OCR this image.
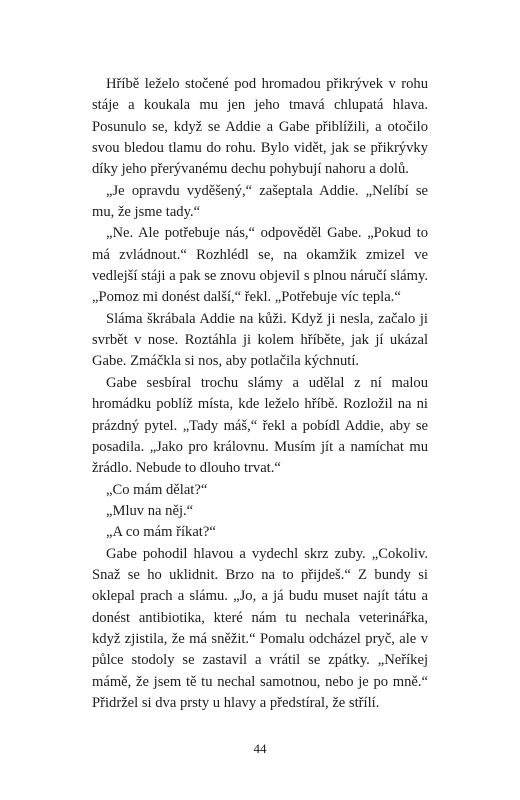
Hříbě leželo stočené pod hromadou přikrývek v rohu stáje a koukala mu jen jeho tmavá chlupatá hlava. Posunulo se, když se Addie a Gabe přiblížili, a otočilo svou bledou tlamu do rohu. Bylo vidět, jak se přikrývky díky jeho přerývanému dechu pohybují nahoru a dolů.

„Je opravdu vyděšený,“ zašeptala Addie. „Nelíbí se mu, že jsme tady.“

„Ne. Ale potřebuje nás,“ odpověděl Gabe. „Pokud to má zvládnout.“ Rozhlédl se, na okamžik zmizel ve vedlejší stáji a pak se znovu objevil s plnou náručí slámy. „Pomoz mi donést další,“ řekl. „Potřebuje víc tepla.“

Sláma škrábala Addie na kůži. Když ji nesla, začalo ji svrbět v nose. Roztáhla ji kolem hříběte, jak jí ukázal Gabe. Zmáčkla si nos, aby potlačila kýchnutí.

Gabe sesbíral trochu slámy a udělal z ní malou hromádku poblíž místa, kde leželo hříbě. Rozložil na ni prázdný pytel. „Tady máš,“ řekl a pobídl Addie, aby se posadila. „Jako pro královnu. Musím jít a namíchat mu žrádlo. Nebude to dlouho trvat.“

„Co mám dělat?“

„Mluv na něj.“

„A co mám říkat?“

Gabe pohodil hlavou a vydechl skrz zuby. „Cokoliv. Snaž se ho uklidnit. Brzo na to přijdeš.“ Z bundy si oklepal prach a slámu. „Jo, a já budu muset najít tátu a donést antibiotika, které nám tu nechala veterinářka, když zjistila, že má sněžit.“ Pomalu odcházel pryč, ale v půlce stodoly se zastavil a vrátil se zpátky. „Neříkej mámě, že jsem tě tu nechal samotnou, nebo je po mně.“ Přidržel si dva prsty u hlavy a předstíral, že střílí.

44
